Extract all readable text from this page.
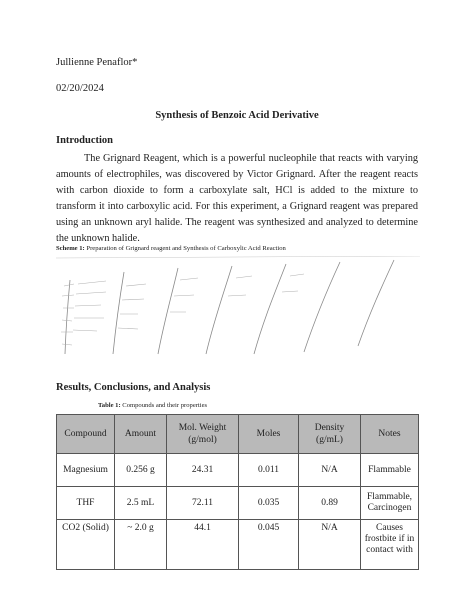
Jullienne Penaflor*
02/20/2024
Synthesis of Benzoic Acid Derivative
Introduction

The Grignard Reagent, which is a powerful nucleophile that reacts with varying amounts of electrophiles, was discovered by Victor Grignard. After the reagent reacts with carbon dioxide to form a carboxylate salt, HCl is added to the mixture to transform it into carboxylic acid. For this experiment, a Grignard reagent was prepared using an unknown aryl halide. The reagent was synthesized and analyzed to determine the unknown halide.

Scheme 1: Preparation of Grignard reagent and Synthesis of Carboxylic Acid Reaction
Results, Conclusions, and Analysis
Table 1: Compounds and their properties
Compound	Amount	Mol. Weight (g/mol)	Moles	Density (g/mL)	Notes
Magnesium	0.256 g	24.31	0.011	N/A	Flammable
THF	2.5 mL	72.11	0.035	0.89	Flammable, Carcinogen
CO2 (Solid)	~ 2.0 g	44.1	0.045	N/A	Causes frostbite if in contact with
